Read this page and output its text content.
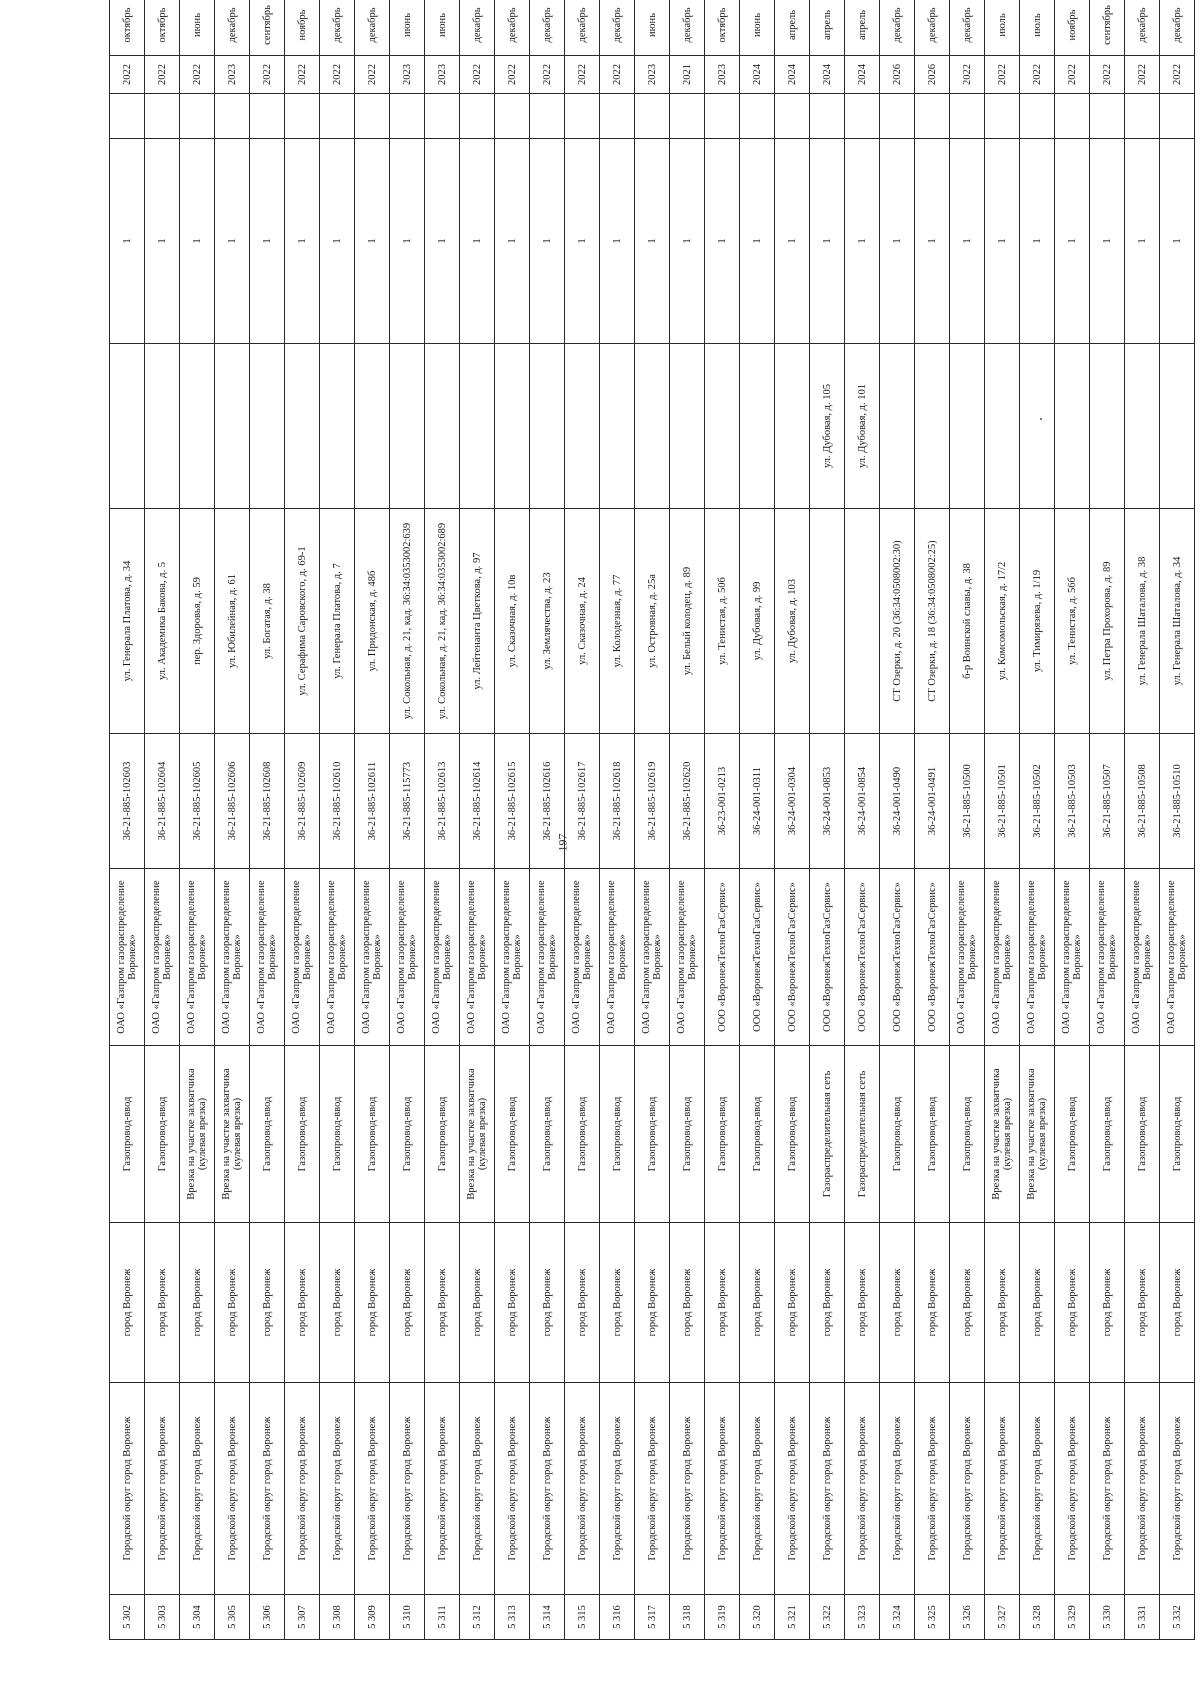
197
5 302	Городской округ город Воронеж	город Воронеж	Газопровод-ввод	ОАО «Газпром газораспределение Воронеж»	36-21-885-102603	ул. Генерала Платова, д. 34		1		2022	октябрь
5 303	Городской округ город Воронеж	город Воронеж	Газопровод-ввод	ОАО «Газпром газораспределение Воронеж»	36-21-885-102604	ул. Академика Бакова, д. 5		1		2022	октябрь
5 304	Городской округ город Воронеж	город Воронеж	Врезка на участке захватчика (кулевая врезка)	ОАО «Газпром газораспределение Воронеж»	36-21-885-102605	пер. Здоровья, д. 59		1		2022	июнь
5 305	Городской округ город Воронеж	город Воронеж	Врезка на участке захватчика (кулевая врезка)	ОАО «Газпром газораспределение Воронеж»	36-21-885-102606	ул. Юбилейная, д. 61		1		2023	декабрь
5 306	Городской округ город Воронеж	город Воронеж	Газопровод-ввод	ОАО «Газпром газораспределение Воронеж»	36-21-885-102608	ул. Богатая, д. 38		1		2022	сентябрь
5 307	Городской округ город Воронеж	город Воронеж	Газопровод-ввод	ОАО «Газпром газораспределение Воронеж»	36-21-885-102609	ул. Серафима Саровского, д. 69-1		1		2022	ноябрь
5 308	Городской округ город Воронеж	город Воронеж	Газопровод-ввод	ОАО «Газпром газораспределение Воронеж»	36-21-885-102610	ул. Генерала Платова, д. 7		1		2022	декабрь
5 309	Городской округ город Воронеж	город Воронеж	Газопровод-ввод	ОАО «Газпром газораспределение Воронеж»	36-21-885-102611	ул. Придонская, д. 48б		1		2022	декабрь
5 310	Городской округ город Воронеж	город Воронеж	Газопровод-ввод	ОАО «Газпром газораспределение Воронеж»	36-21-885-115773	ул. Сокольная, д. 21, кад. 36:34:0353002:639		1		2023	июнь
5 311	Городской округ город Воронеж	город Воронеж	Газопровод-ввод	ОАО «Газпром газораспределение Воронеж»	36-21-885-102613	ул. Сокольная, д. 21, кад. 36:34:0353002:689		1		2023	июнь
5 312	Городской округ город Воронеж	город Воронеж	Врезка на участке захватчика (кулевая врезка)	ОАО «Газпром газораспределение Воронеж»	36-21-885-102614	ул. Лейтенанта Цветкова, д. 97		1		2022	декабрь
5 313	Городской округ город Воронеж	город Воронеж	Газопровод-ввод	ОАО «Газпром газораспределение Воронеж»	36-21-885-102615	ул. Сказочная, д. 10в		1		2022	декабрь
5 314	Городской округ город Воронеж	город Воронеж	Газопровод-ввод	ОАО «Газпром газораспределение Воронеж»	36-21-885-102616	ул. Землячества, д. 23		1		2022	декабрь
5 315	Городской округ город Воронеж	город Воронеж	Газопровод-ввод	ОАО «Газпром газораспределение Воронеж»	36-21-885-102617	ул. Сказочная, д. 24		1		2022	декабрь
5 316	Городской округ город Воронеж	город Воронеж	Газопровод-ввод	ОАО «Газпром газораспределение Воронеж»	36-21-885-102618	ул. Колодезная, д. 77		1		2022	декабрь
5 317	Городской округ город Воронеж	город Воронеж	Газопровод-ввод	ОАО «Газпром газораспределение Воронеж»	36-21-885-102619	ул. Островная, д. 25а		1		2023	июнь
5 318	Городской округ город Воронеж	город Воронеж	Газопровод-ввод	ОАО «Газпром газораспределение Воронеж»	36-21-885-102620	ул. Белый колодец, д. 89		1		2021	декабрь
5 319	Городской округ город Воронеж	город Воронеж	Газопровод-ввод	ООО «ВоронежТехноГазСервис»	36-23-001-0213	ул. Тенистая, д. 50б		1		2023	октябрь
5 320	Городской округ город Воронеж	город Воронеж	Газопровод-ввод	ООО «ВоронежТехноГазСервис»	36-24-001-0311	ул. Дубовая, д. 99		1		2024	июнь
5 321	Городской округ город Воронеж	город Воронеж	Газопровод-ввод	ООО «ВоронежТехноГазСервис»	36-24-001-0304	ул. Дубовая, д. 103		1		2024	апрель
5 322	Городской округ город Воронеж	город Воронеж	Газораспределительная сеть	ООО «ВоронежТехноГазСервис»	36-24-001-0853		ул. Дубовая, д. 105	1		2024	апрель
5 323	Городской округ город Воронеж	город Воронеж	Газораспределительная сеть	ООО «ВоронежТехноГазСервис»	36-24-001-0854		ул. Дубовая, д. 101	1		2024	апрель
5 324	Городской округ город Воронеж	город Воронеж	Газопровод-ввод	ООО «ВоронежТехноГазСервис»	36-24-001-0490	СТ Озерки, д. 20 (36:34:0508002:30)		1		2026	декабрь
5 325	Городской округ город Воронеж	город Воронеж	Газопровод-ввод	ООО «ВоронежТехноГазСервис»	36-24-001-0491	СТ Озерки, д. 18 (36:34:0508002:25)		1		2026	декабрь
5 326	Городской округ город Воронеж	город Воронеж	Газопровод-ввод	ОАО «Газпром газораспределение Воронеж»	36-21-885-10500	б-р Воинской славы, д. 38		1		2022	декабрь
5 327	Городской округ город Воронеж	город Воронеж	Врезка на участке захватчика (кулевая врезка)	ОАО «Газпром газораспределение Воронеж»	36-21-885-10501	ул. Комсомольская, д. 17/2		1		2022	июль
5 328	Городской округ город Воронеж	город Воронеж	Врезка на участке захватчика (кулевая врезка)	ОАО «Газпром газораспределение Воронеж»	36-21-885-10502	ул. Тимирязева, д. 1/19		1		2022	июль
5 329	Городской округ город Воронеж	город Воронеж	Газопровод-ввод	ОАО «Газпром газораспределение Воронеж»	36-21-885-10503	ул. Тенистая, д. 56б		1		2022	ноябрь
5 330	Городской округ город Воронеж	город Воронеж	Газопровод-ввод	ОАО «Газпром газораспределение Воронеж»	36-21-885-10507	ул. Петра Прохорова, д. 89		1		2022	сентябрь
5 331	Городской округ город Воронеж	город Воронеж	Газопровод-ввод	ОАО «Газпром газораспределение Воронеж»	36-21-885-10508	ул. Генерала Шаталова, д. 38		1		2022	декабрь
5 332	Городской округ город Воронеж	город Воронеж	Газопровод-ввод	ОАО «Газпром газораспределение Воронеж»	36-21-885-10510	ул. Генерала Шаталова, д. 34		1		2022	декабрь
